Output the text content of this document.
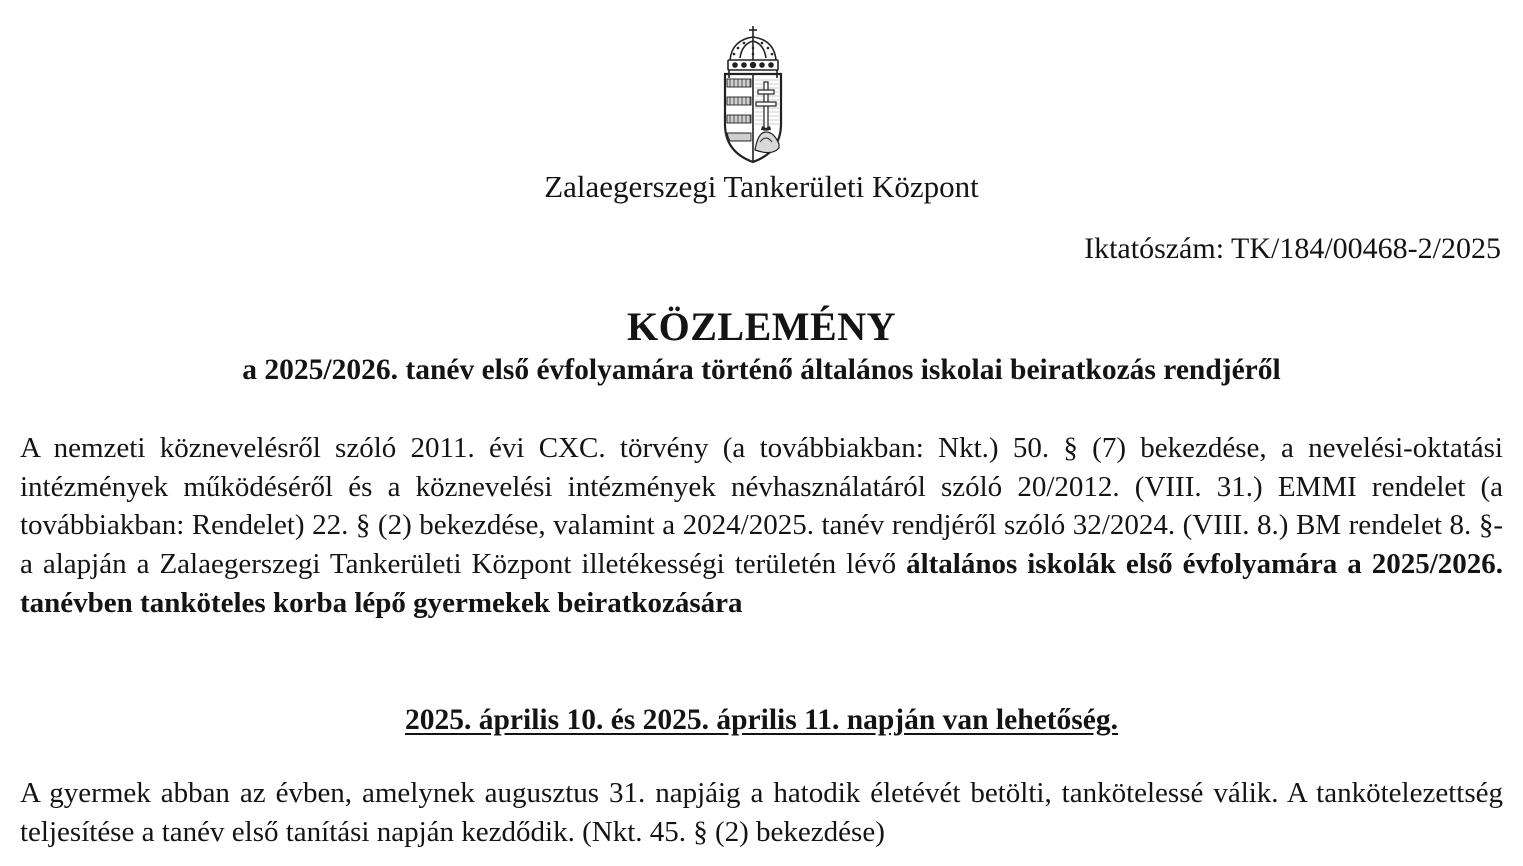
Zalaegerszegi Tankerületi Központ
Iktatószám: TK/184/00468-2/2025
KÖZLEMÉNY
a 2025/2026. tanév első évfolyamára történő általános iskolai beiratkozás rendjéről
A nemzeti köznevelésről szóló 2011. évi CXC. törvény (a továbbiakban: Nkt.) 50. § (7) bekezdése, a nevelési-oktatási intézmények működéséről és a köznevelési intézmények névhasználatáról szóló 20/2012. (VIII. 31.) EMMI rendelet (a továbbiakban: Rendelet) 22. § (2) bekezdése, valamint a 2024/2025. tanév rendjéről szóló 32/2024. (VIII. 8.) BM rendelet 8. §-a alapján a Zalaegerszegi Tankerületi Központ illetékességi területén lévő általános iskolák első évfolyamára a 2025/2026. tanévben tanköteles korba lépő gyermekek beiratkozására
2025. április 10. és 2025. április 11. napján van lehetőség.
A gyermek abban az évben, amelynek augusztus 31. napjáig a hatodik életévét betölti, tankötelessé válik. A tankötelezettség teljesítése a tanév első tanítási napján kezdődik. (Nkt. 45. § (2) bekezdése)
